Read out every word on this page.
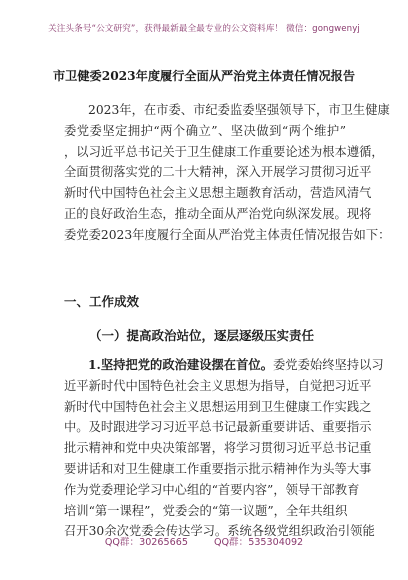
关注头条号“公文研究”，获得最新最全最专业的公文资料库！ 微信：gongwenyj
市卫健委2023年度履行全面从严治党主体责任情况报告
2023年，在市委、市纪委监委坚强领导下，市卫生健康
委党委坚定拥护“两个确立”、坚决做到“两个维护”
，以习近平总书记关于卫生健康工作重要论述为根本遵循，
全面贯彻落实党的二十大精神，深入开展学习贯彻习近平
新时代中国特色社会主义思想主题教育活动，营造风清气
正的良好政治生态，推动全面从严治党向纵深发展。现将
委党委2023年度履行全面从严治党主体责任情况报告如下：
一、工作成效
（一）提高政治站位，逐层逐级压实责任
1.坚持把党的政治建设摆在首位。委党委始终坚持以习
近平新时代中国特色社会主义思想为指导，自觉把习近平
新时代中国特色社会主义思想运用到卫生健康工作实践之
中。及时跟进学习习近平总书记最新重要讲话、重要指示
批示精神和党中央决策部署，将学习贯彻习近平总书记重
要讲话和对卫生健康工作重要指示批示精神作为头等大事
作为党委理论学习中心组的“首要内容”，领导干部教育
培训“第一课程”，党委会的“第一议题”，全年共组织
召开30余次党委会传达学习。系统各级党组织政治引领能
QQ群：30265665	QQ群：535304092
